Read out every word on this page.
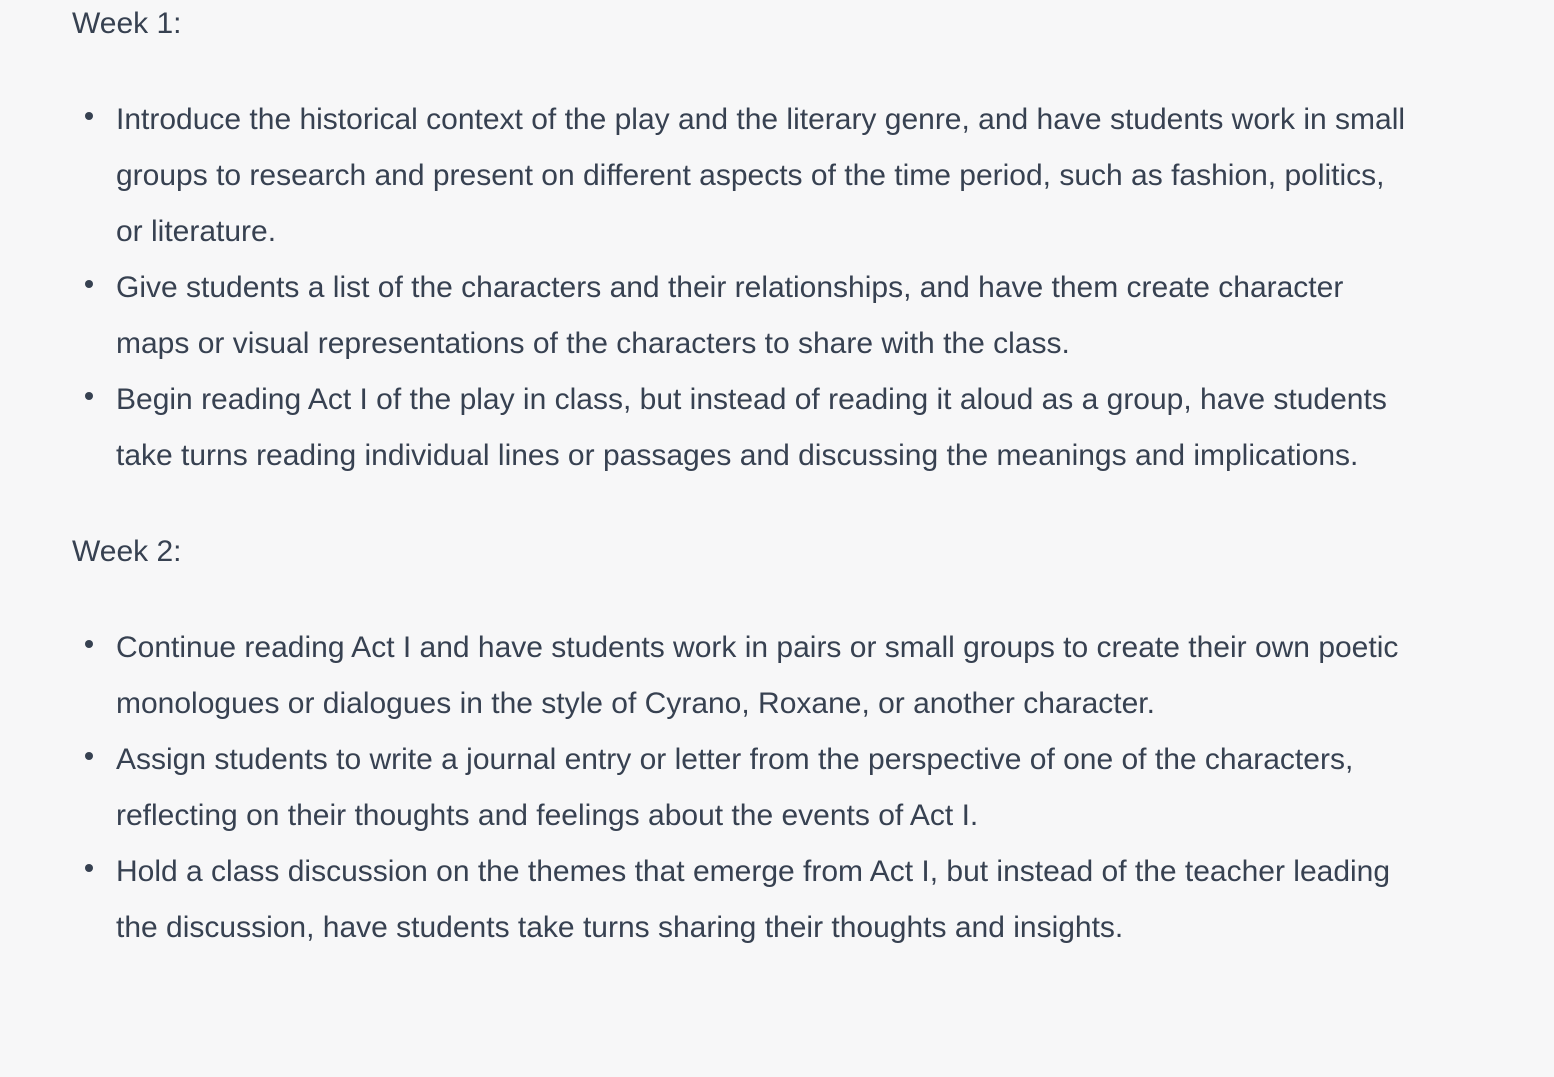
Week 1:

Introduce the historical context of the play and the literary genre, and have students work in small groups to research and present on different aspects of the time period, such as fashion, politics, or literature.
Give students a list of the characters and their relationships, and have them create character maps or visual representations of the characters to share with the class.
Begin reading Act I of the play in class, but instead of reading it aloud as a group, have students take turns reading individual lines or passages and discussing the meanings and implications.

Week 2:

Continue reading Act I and have students work in pairs or small groups to create their own poetic monologues or dialogues in the style of Cyrano, Roxane, or another character.
Assign students to write a journal entry or letter from the perspective of one of the characters, reflecting on their thoughts and feelings about the events of Act I.
Hold a class discussion on the themes that emerge from Act I, but instead of the teacher leading the discussion, have students take turns sharing their thoughts and insights.
